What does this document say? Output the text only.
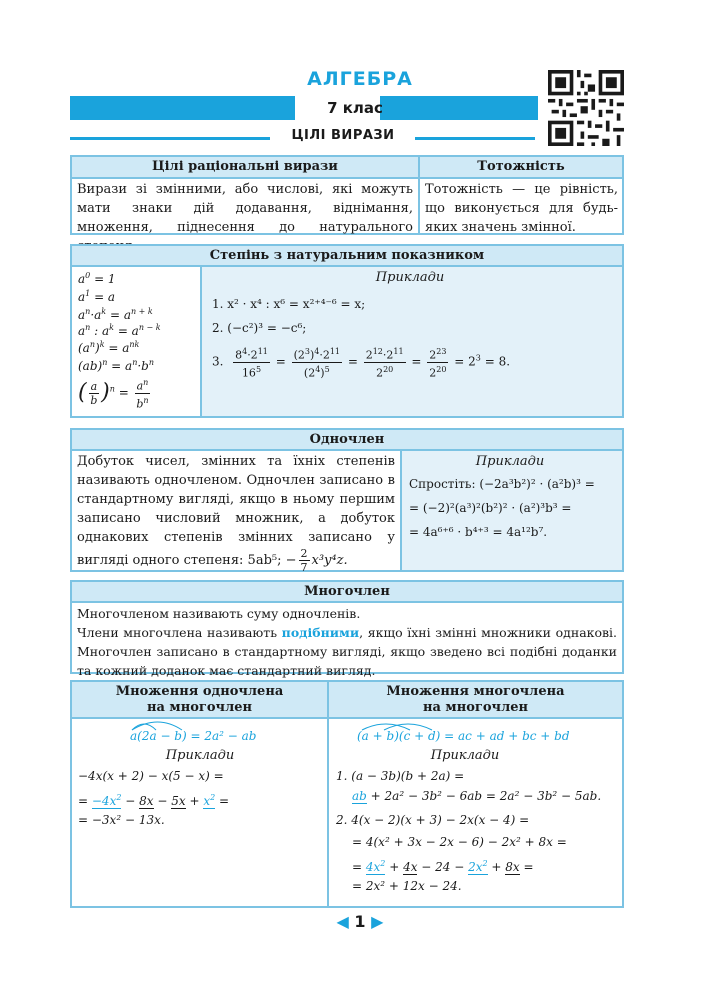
АЛГЕБРА
7 клас
ЦІЛІ ВИРАЗИ
Цілі раціональні вирази	Тотожність
Вирази зі змінними, або числові, які можуть мати знаки дій додавання, віднімання, множення, піднесення до натурального
Тотожність — це рівність, що виконується для будь-яких значень змінної.
Степінь з натуральним показником
$a^0 = 1$
$a^1 = a$
$a^n\cdot a^k = a^{n + k}$
$a^n$ : $a^k = a^{n - k}$
$(a^n)^k = a^{nk}$
$(ab)^n = a^n\cdot b^n$
( $\frac{a}{b} )^n = \frac{a^n}{b^n}$
Приклади
1. x² · x⁴ : x⁶ = x²⁺⁴⁻⁶ = x;
2. (−c²)³ = −c⁶;
3. $\frac{8^4\cdot 2^{11}}{16^5} = \frac{(2^3)^4\cdot 2^{11}}{(2^4)^5} = \frac{2^{12}\cdot 2^{11}}{2^{20}} = \frac{2^{23}}{2^{20}} = 2^3 = 8$.
Одночлен
Добуток чисел, змінних та їхніх степенів називають одночленом. Одночлен записано в стандартному вигляді, якщо в ньому першим записано числовий множник, а добуток однакових степенів змінних записано у вигляді одного степеня: 5ab⁵; − $\frac{2}{7} x^3y^4z$.
Приклади
Спростіть: (−2a³b²)² · (a²b)³ =
= (−2)²(a³)²(b²)² · (a²)³b³ =
= 4a⁶⁺⁶ · b⁴⁺³ = 4a¹²b⁷.
Многочлен
Многочленом називають суму одночленів.
Члени многочлена називають подібними, якщо їхні змінні множники однакові. Многочлен записано в стандартному вигляді, якщо зведено всі подібні доданки та кожний доданок має стандартний вигляд.
Множення одночлена
на многочлен
Множення многочлена
на многочлен
a(2a − b) = 2a² − ab	(a + b)(c + d) = ac + ad + bc + bd
Приклади
−4x(x + 2) − x(5 − x) =
= $-4x^2 - 8x - 5x + x^2$ =
= −3x² − 13x.
Приклади
1. (a − 3b)(b + 2a) =
ab + 2a² − 3b² − 6ab = 2a² − 3b² − 5ab.
2. 4(x − 2)(x + 3) − 2x(x − 4) =
= 4(x² + 3x − 2x − 6) − 2x² + 8x =
= $4x^2 + 4x - 24 - 2x^2 + 8x$ =
= 2x² + 12x − 24.
◀ 1 ▶
